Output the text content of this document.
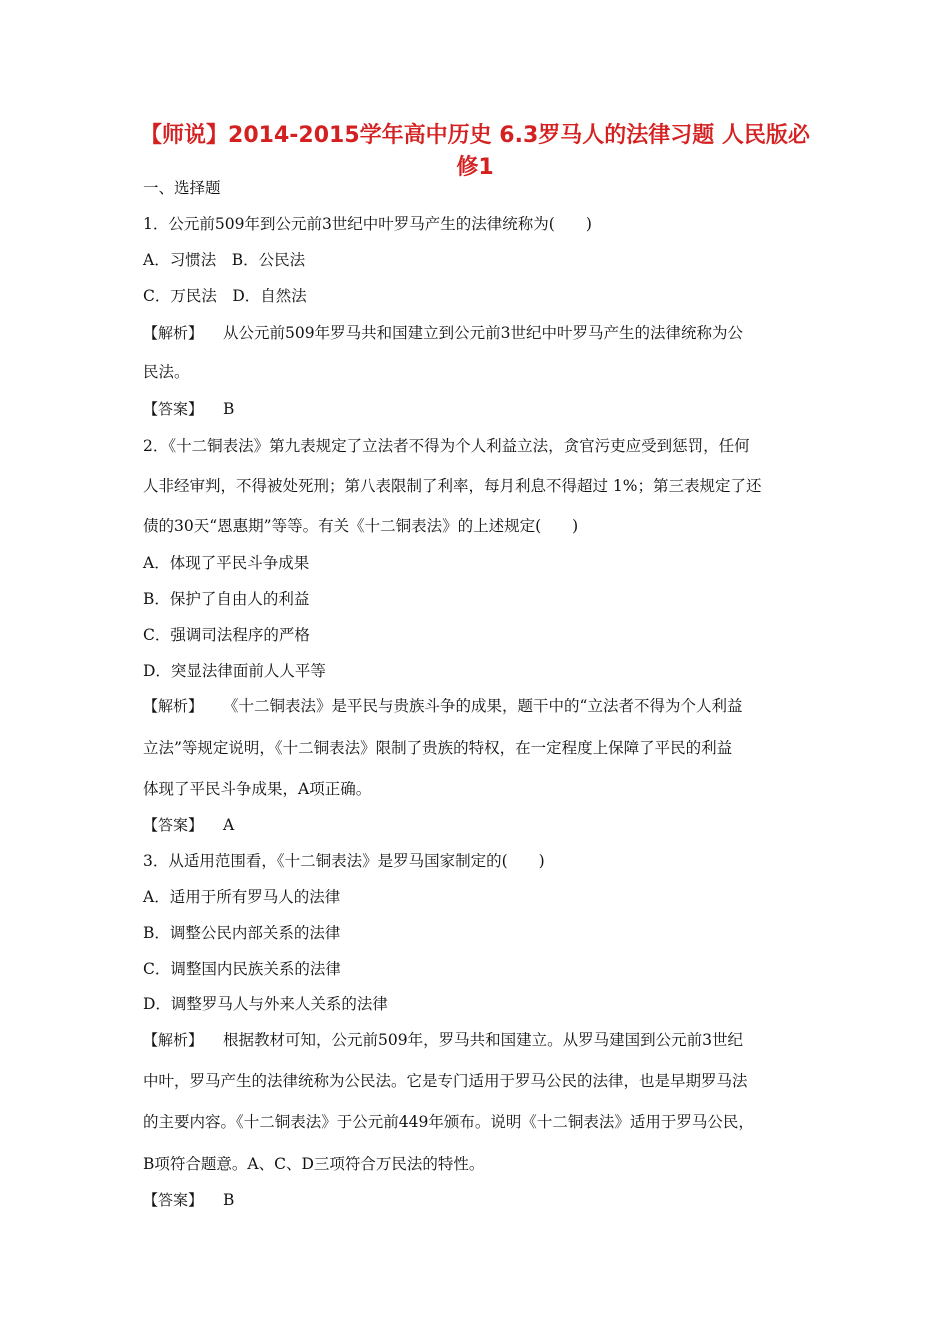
【师说】2014-2015学年高中历史 6.3罗马人的法律习题 人民版必
修1
一、选择题
1．公元前509年到公元前3世纪中叶罗马产生的法律统称为(　　)
A．习惯法　B．公民法
C．万民法　D．自然法
【解析】 从公元前509年罗马共和国建立到公元前3世纪中叶罗马产生的法律统称为公
民法。
【答案】 B
2．《十二铜表法》第九表规定了立法者不得为个人利益立法，贪官污吏应受到惩罚，任何
人非经审判，不得被处死刑；第八表限制了利率，每月利息不得超过 1%；第三表规定了还
债的30天“恩惠期”等等。有关《十二铜表法》的上述规定(　　)
A．体现了平民斗争成果
B．保护了自由人的利益
C．强调司法程序的严格
D．突显法律面前人人平等
【解析】 《十二铜表法》是平民与贵族斗争的成果，题干中的“立法者不得为个人利益
立法”等规定说明，《十二铜表法》限制了贵族的特权，在一定程度上保障了平民的利益
体现了平民斗争成果，A项正确。
【答案】 A
3．从适用范围看，《十二铜表法》是罗马国家制定的(　　)
A．适用于所有罗马人的法律
B．调整公民内部关系的法律
C．调整国内民族关系的法律
D．调整罗马人与外来人关系的法律
【解析】 根据教材可知，公元前509年，罗马共和国建立。从罗马建国到公元前3世纪
中叶，罗马产生的法律统称为公民法。它是专门适用于罗马公民的法律，也是早期罗马法
的主要内容。《十二铜表法》于公元前449年颁布。说明《十二铜表法》适用于罗马公民，
B项符合题意。A、C、D三项符合万民法的特性。
【答案】 B
